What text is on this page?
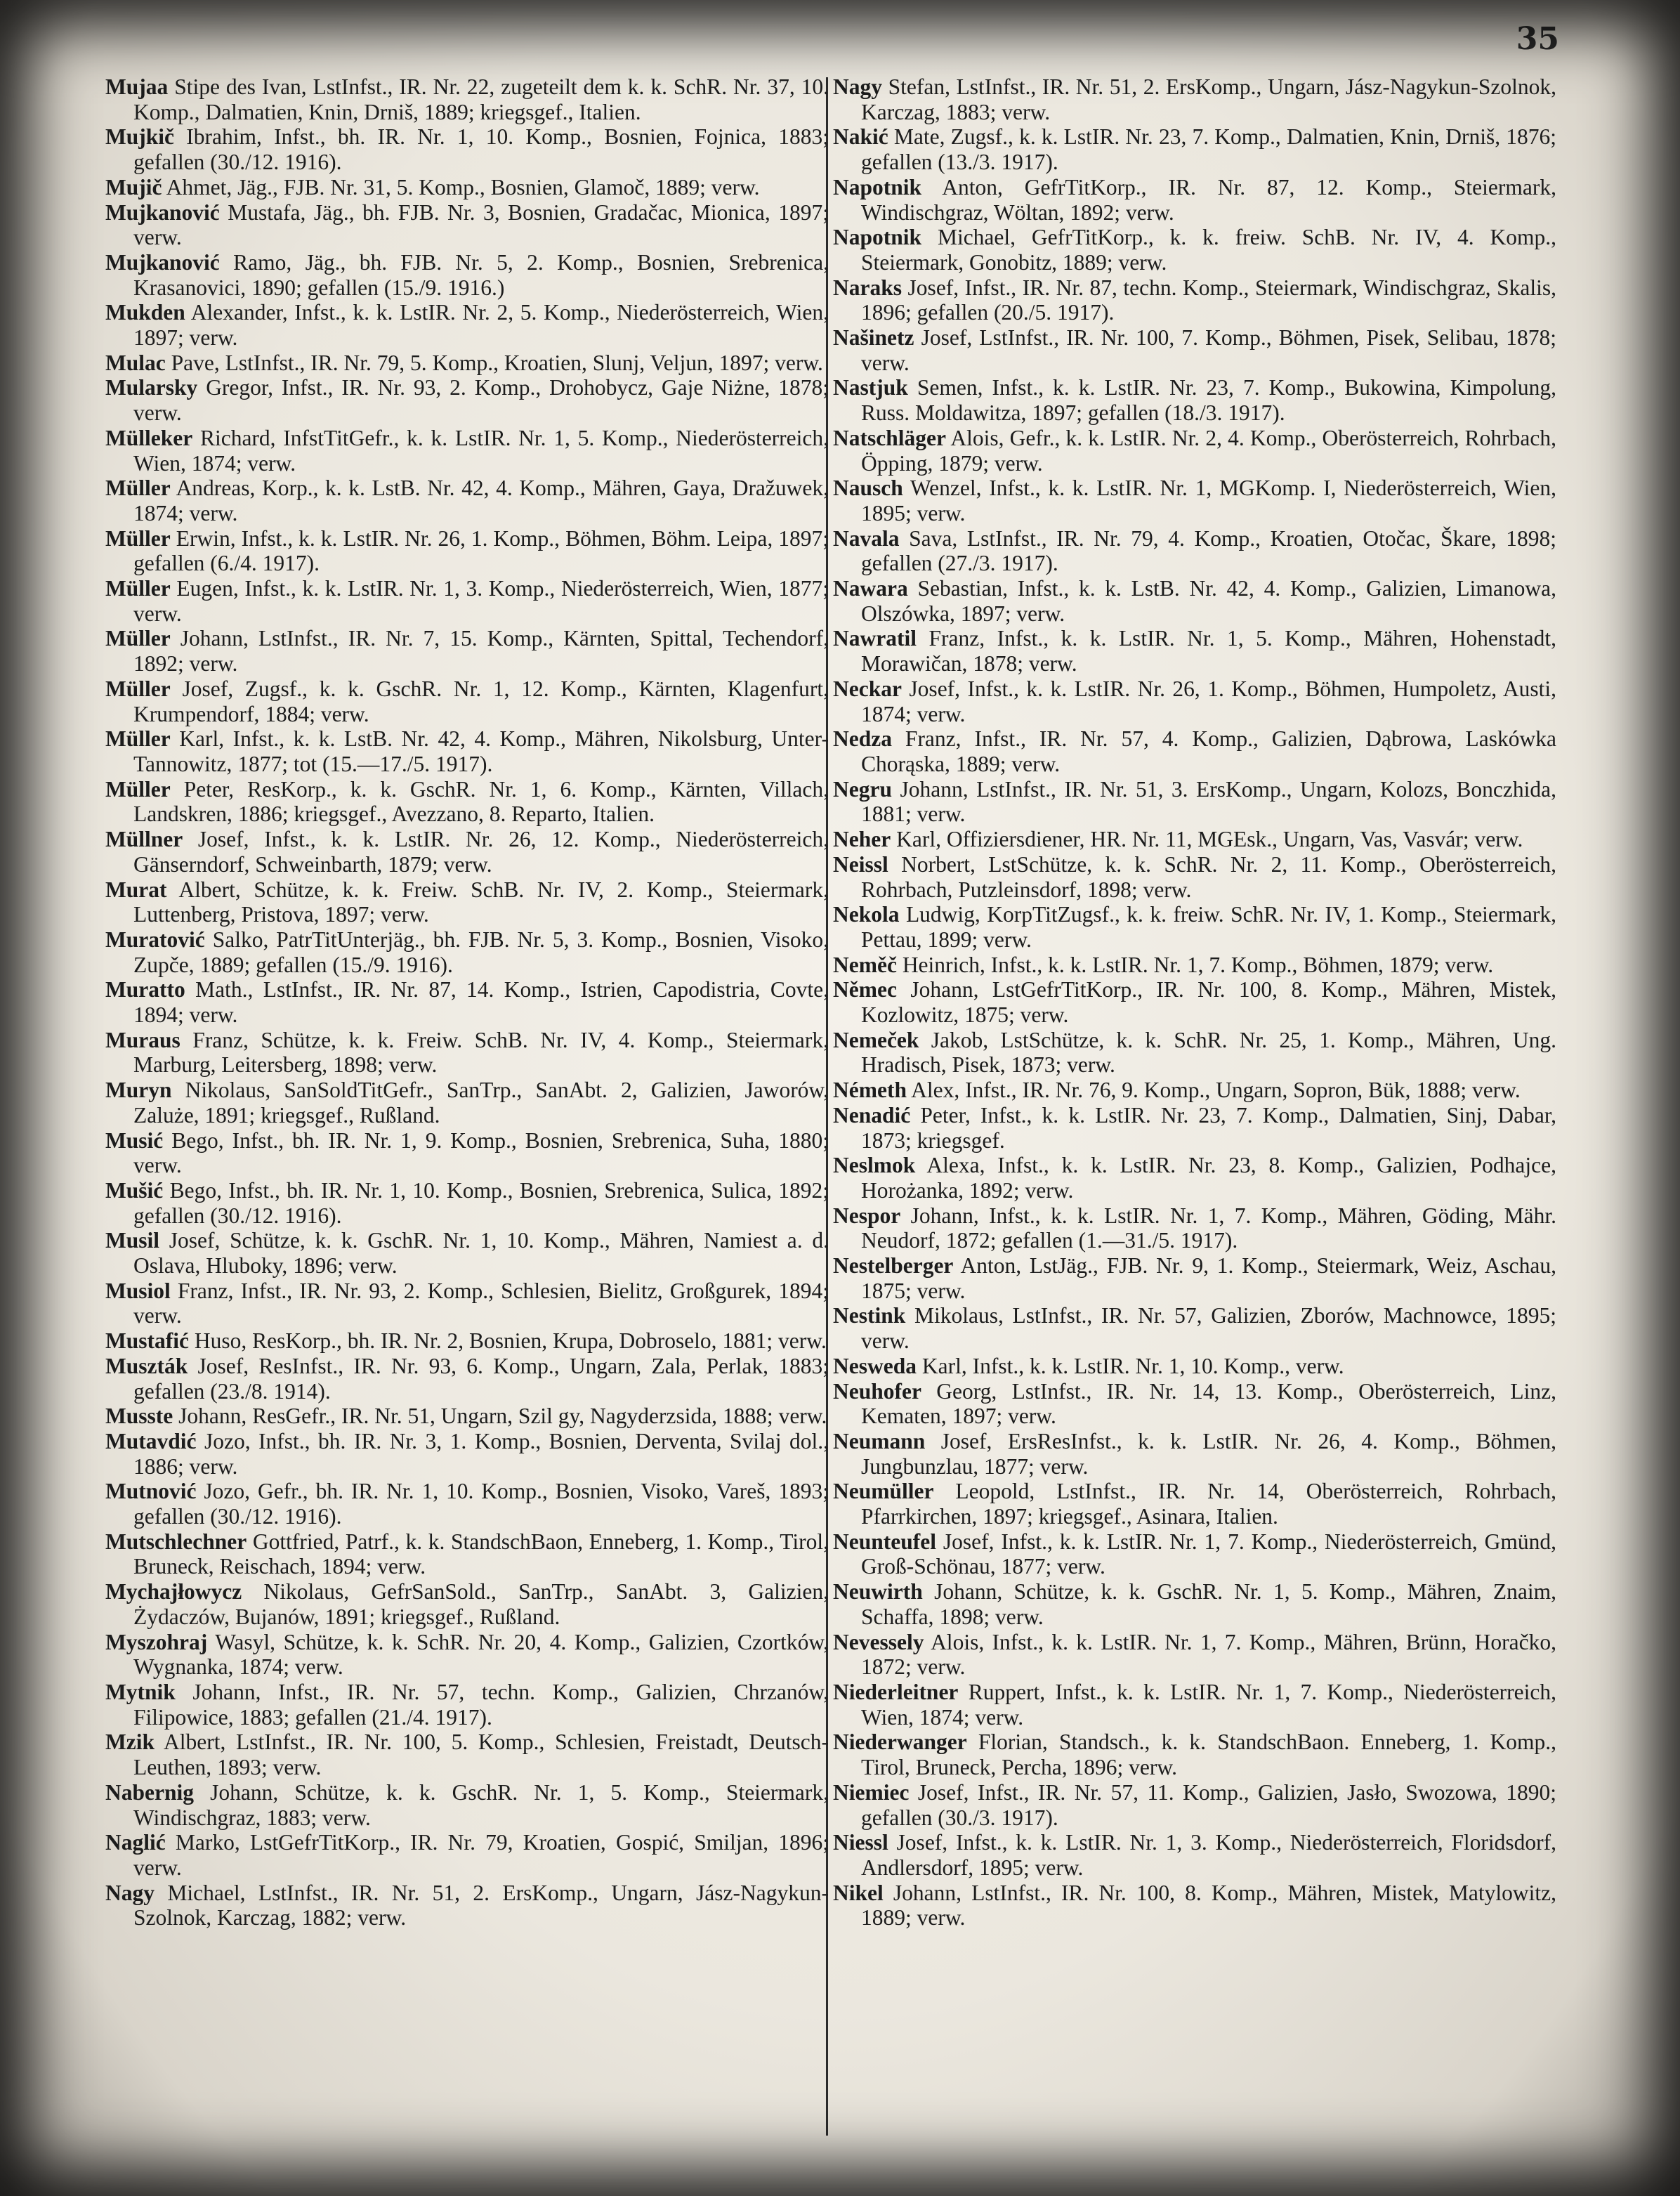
35
Mujaa Stipe des Ivan, LstInfst., IR. Nr. 22, zugeteilt dem k. k. SchR. Nr. 37, 10. Komp., Dalmatien, Knin, Drniš, 1889; kriegsgef., Italien.
Mujkič Ibrahim, Infst., bh. IR. Nr. 1, 10. Komp., Bosnien, Fojnica, 1883; gefallen (30./12. 1916).
Mujič Ahmet, Jäg., FJB. Nr. 31, 5. Komp., Bosnien, Glamoč, 1889; verw.
Mujkanović Mustafa, Jäg., bh. FJB. Nr. 3, Bosnien, Gradačac, Mionica, 1897; verw.
Mujkanović Ramo, Jäg., bh. FJB. Nr. 5, 2. Komp., Bosnien, Srebrenica, Krasanovici, 1890; gefallen (15./9. 1916.)
Mukden Alexander, Infst., k. k. LstIR. Nr. 2, 5. Komp., Niederösterreich, Wien, 1897; verw.
Mulac Pave, LstInfst., IR. Nr. 79, 5. Komp., Kroatien, Slunj, Veljun, 1897; verw.
Mularsky Gregor, Infst., IR. Nr. 93, 2. Komp., Drohobycz, Gaje Niżne, 1878; verw.
Mülleker Richard, InfstTitGefr., k. k. LstIR. Nr. 1, 5. Komp., Niederösterreich, Wien, 1874; verw.
Müller Andreas, Korp., k. k. LstB. Nr. 42, 4. Komp., Mähren, Gaya, Dražuwek, 1874; verw.
Müller Erwin, Infst., k. k. LstIR. Nr. 26, 1. Komp., Böhmen, Böhm. Leipa, 1897; gefallen (6./4. 1917).
Müller Eugen, Infst., k. k. LstIR. Nr. 1, 3. Komp., Niederösterreich, Wien, 1877; verw.
Müller Johann, LstInfst., IR. Nr. 7, 15. Komp., Kärnten, Spittal, Techendorf, 1892; verw.
Müller Josef, Zugsf., k. k. GschR. Nr. 1, 12. Komp., Kärnten, Klagenfurt, Krumpendorf, 1884; verw.
Müller Karl, Infst., k. k. LstB. Nr. 42, 4. Komp., Mähren, Nikolsburg, Unter-Tannowitz, 1877; tot (15.—17./5. 1917).
Müller Peter, ResKorp., k. k. GschR. Nr. 1, 6. Komp., Kärnten, Villach, Landskren, 1886; kriegsgef., Avezzano, 8. Reparto, Italien.
Müllner Josef, Infst., k. k. LstIR. Nr. 26, 12. Komp., Niederösterreich, Gänserndorf, Schweinbarth, 1879; verw.
Murat Albert, Schütze, k. k. Freiw. SchB. Nr. IV, 2. Komp., Steiermark, Luttenberg, Pristova, 1897; verw.
Muratović Salko, PatrTitUnterjäg., bh. FJB. Nr. 5, 3. Komp., Bosnien, Visoko, Zupče, 1889; gefallen (15./9. 1916).
Muratto Math., LstInfst., IR. Nr. 87, 14. Komp., Istrien, Capodistria, Covte, 1894; verw.
Muraus Franz, Schütze, k. k. Freiw. SchB. Nr. IV, 4. Komp., Steiermark, Marburg, Leitersberg, 1898; verw.
Muryn Nikolaus, SanSoldTitGefr., SanTrp., SanAbt. 2, Galizien, Jaworów, Zaluże, 1891; kriegsgef., Rußland.
Musić Bego, Infst., bh. IR. Nr. 1, 9. Komp., Bosnien, Srebrenica, Suha, 1880; verw.
Mušić Bego, Infst., bh. IR. Nr. 1, 10. Komp., Bosnien, Srebrenica, Sulica, 1892; gefallen (30./12. 1916).
Musil Josef, Schütze, k. k. GschR. Nr. 1, 10. Komp., Mähren, Namiest a. d. Oslava, Hluboky, 1896; verw.
Musiol Franz, Infst., IR. Nr. 93, 2. Komp., Schlesien, Bielitz, Großgurek, 1894; verw.
Mustafić Huso, ResKorp., bh. IR. Nr. 2, Bosnien, Krupa, Dobroselo, 1881; verw.
Muszták Josef, ResInfst., IR. Nr. 93, 6. Komp., Ungarn, Zala, Perlak, 1883; gefallen (23./8. 1914).
Musste Johann, ResGefr., IR. Nr. 51, Ungarn, Szil gy, Nagyderzsida, 1888; verw.
Mutavdić Jozo, Infst., bh. IR. Nr. 3, 1. Komp., Bosnien, Derventa, Svilaj dol., 1886; verw.
Mutnović Jozo, Gefr., bh. IR. Nr. 1, 10. Komp., Bosnien, Visoko, Vareš, 1893; gefallen (30./12. 1916).
Mutschlechner Gottfried, Patrf., k. k. StandschBaon, Enneberg, 1. Komp., Tirol, Bruneck, Reischach, 1894; verw.
Mychajłowycz Nikolaus, GefrSanSold., SanTrp., SanAbt. 3, Galizien, Żydaczów, Bujanów, 1891; kriegsgef., Rußland.
Myszohraj Wasyl, Schütze, k. k. SchR. Nr. 20, 4. Komp., Galizien, Czortków, Wygnanka, 1874; verw.
Mytnik Johann, Infst., IR. Nr. 57, techn. Komp., Galizien, Chrzanów, Filipowice, 1883; gefallen (21./4. 1917).
Mzik Albert, LstInfst., IR. Nr. 100, 5. Komp., Schlesien, Freistadt, Deutsch-Leuthen, 1893; verw.
Nabernig Johann, Schütze, k. k. GschR. Nr. 1, 5. Komp., Steiermark, Windischgraz, 1883; verw.
Naglić Marko, LstGefrTitKorp., IR. Nr. 79, Kroatien, Gospić, Smiljan, 1896; verw.
Nagy Michael, LstInfst., IR. Nr. 51, 2. ErsKomp., Ungarn, Jász-Nagykun-Szolnok, Karczag, 1882; verw.
Nagy Stefan, LstInfst., IR. Nr. 51, 2. ErsKomp., Ungarn, Jász-Nagykun-Szolnok, Karczag, 1883; verw.
Nakić Mate, Zugsf., k. k. LstIR. Nr. 23, 7. Komp., Dalmatien, Knin, Drniš, 1876; gefallen (13./3. 1917).
Napotnik Anton, GefrTitKorp., IR. Nr. 87, 12. Komp., Steiermark, Windischgraz, Wöltan, 1892; verw.
Napotnik Michael, GefrTitKorp., k. k. freiw. SchB. Nr. IV, 4. Komp., Steiermark, Gonobitz, 1889; verw.
Naraks Josef, Infst., IR. Nr. 87, techn. Komp., Steiermark, Windischgraz, Skalis, 1896; gefallen (20./5. 1917).
Našinetz Josef, LstInfst., IR. Nr. 100, 7. Komp., Böhmen, Pisek, Selibau, 1878; verw.
Nastjuk Semen, Infst., k. k. LstIR. Nr. 23, 7. Komp., Bukowina, Kimpolung, Russ. Moldawitza, 1897; gefallen (18./3. 1917).
Natschläger Alois, Gefr., k. k. LstIR. Nr. 2, 4. Komp., Oberösterreich, Rohrbach, Öpping, 1879; verw.
Nausch Wenzel, Infst., k. k. LstIR. Nr. 1, MGKomp. I, Niederösterreich, Wien, 1895; verw.
Navala Sava, LstInfst., IR. Nr. 79, 4. Komp., Kroatien, Otočac, Škare, 1898; gefallen (27./3. 1917).
Nawara Sebastian, Infst., k. k. LstB. Nr. 42, 4. Komp., Galizien, Limanowa, Olszówka, 1897; verw.
Nawratil Franz, Infst., k. k. LstIR. Nr. 1, 5. Komp., Mähren, Hohenstadt, Morawičan, 1878; verw.
Neckar Josef, Infst., k. k. LstIR. Nr. 26, 1. Komp., Böhmen, Humpoletz, Austi, 1874; verw.
Nedza Franz, Infst., IR. Nr. 57, 4. Komp., Galizien, Dąbrowa, Laskówka Chorąska, 1889; verw.
Negru Johann, LstInfst., IR. Nr. 51, 3. ErsKomp., Ungarn, Kolozs, Bonczhida, 1881; verw.
Neher Karl, Offiziersdiener, HR. Nr. 11, MGEsk., Ungarn, Vas, Vasvár; verw.
Neissl Norbert, LstSchütze, k. k. SchR. Nr. 2, 11. Komp., Oberösterreich, Rohrbach, Putzleinsdorf, 1898; verw.
Nekola Ludwig, KorpTitZugsf., k. k. freiw. SchR. Nr. IV, 1. Komp., Steiermark, Pettau, 1899; verw.
Neměč Heinrich, Infst., k. k. LstIR. Nr. 1, 7. Komp., Böhmen, 1879; verw.
Němec Johann, LstGefrTitKorp., IR. Nr. 100, 8. Komp., Mähren, Mistek, Kozlowitz, 1875; verw.
Nemeček Jakob, LstSchütze, k. k. SchR. Nr. 25, 1. Komp., Mähren, Ung. Hradisch, Pisek, 1873; verw.
Németh Alex, Infst., IR. Nr. 76, 9. Komp., Ungarn, Sopron, Bük, 1888; verw.
Nenadić Peter, Infst., k. k. LstIR. Nr. 23, 7. Komp., Dalmatien, Sinj, Dabar, 1873; kriegsgef.
Neslmok Alexa, Infst., k. k. LstIR. Nr. 23, 8. Komp., Galizien, Podhajce, Horożanka, 1892; verw.
Nespor Johann, Infst., k. k. LstIR. Nr. 1, 7. Komp., Mähren, Göding, Mähr. Neudorf, 1872; gefallen (1.—31./5. 1917).
Nestelberger Anton, LstJäg., FJB. Nr. 9, 1. Komp., Steiermark, Weiz, Aschau, 1875; verw.
Nestink Mikolaus, LstInfst., IR. Nr. 57, Galizien, Zborów, Machnowce, 1895; verw.
Nesweda Karl, Infst., k. k. LstIR. Nr. 1, 10. Komp., verw.
Neuhofer Georg, LstInfst., IR. Nr. 14, 13. Komp., Oberösterreich, Linz, Kematen, 1897; verw.
Neumann Josef, ErsResInfst., k. k. LstIR. Nr. 26, 4. Komp., Böhmen, Jungbunzlau, 1877; verw.
Neumüller Leopold, LstInfst., IR. Nr. 14, Oberösterreich, Rohrbach, Pfarrkirchen, 1897; kriegsgef., Asinara, Italien.
Neunteufel Josef, Infst., k. k. LstIR. Nr. 1, 7. Komp., Niederösterreich, Gmünd, Groß-Schönau, 1877; verw.
Neuwirth Johann, Schütze, k. k. GschR. Nr. 1, 5. Komp., Mähren, Znaim, Schaffa, 1898; verw.
Nevessely Alois, Infst., k. k. LstIR. Nr. 1, 7. Komp., Mähren, Brünn, Horačko, 1872; verw.
Niederleitner Ruppert, Infst., k. k. LstIR. Nr. 1, 7. Komp., Niederösterreich, Wien, 1874; verw.
Niederwanger Florian, Standsch., k. k. StandschBaon. Enneberg, 1. Komp., Tirol, Bruneck, Percha, 1896; verw.
Niemiec Josef, Infst., IR. Nr. 57, 11. Komp., Galizien, Jasło, Swozowa, 1890; gefallen (30./3. 1917).
Niessl Josef, Infst., k. k. LstIR. Nr. 1, 3. Komp., Niederösterreich, Floridsdorf, Andlersdorf, 1895; verw.
Nikel Johann, LstInfst., IR. Nr. 100, 8. Komp., Mähren, Mistek, Matylowitz, 1889; verw.
